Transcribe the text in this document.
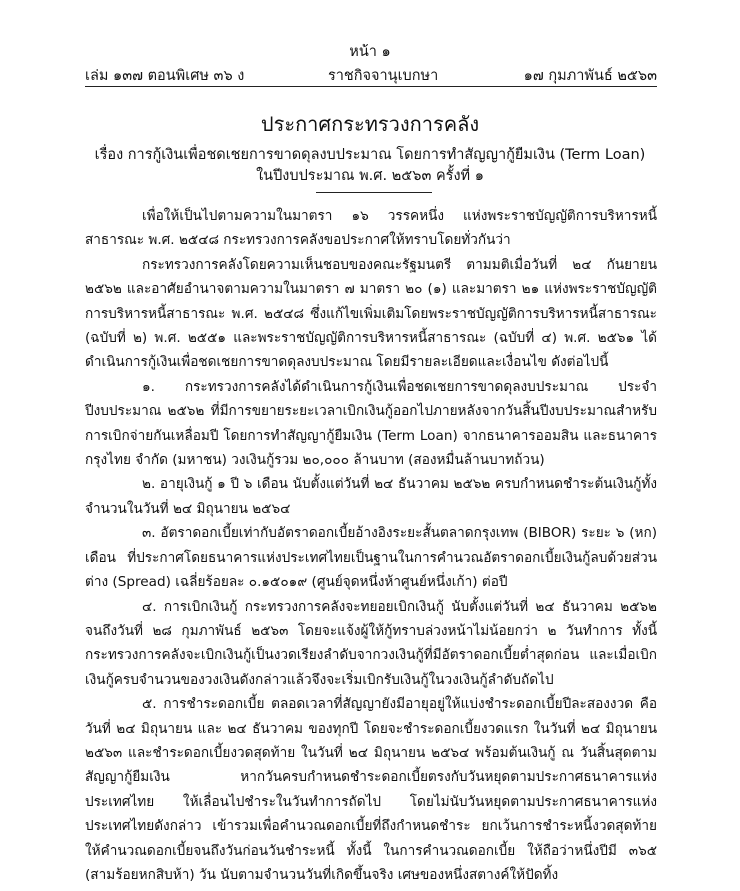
หน้า ๑
เล่ม ๑๓๗ ตอนพิเศษ ๓๖ ง	ราชกิจจานุเบกษา	๑๗ กุมภาพันธ์ ๒๕๖๓
ประกาศกระทรวงการคลัง
เรื่อง การกู้เงินเพื่อชดเชยการขาดดุลงบประมาณ โดยการทำสัญญากู้ยืมเงิน (Term Loan)
ในปีงบประมาณ พ.ศ. ๒๕๖๓ ครั้งที่ ๑

เพื่อให้เป็นไปตามความในมาตรา ๑๖ วรรคหนึ่ง แห่งพระราชบัญญัติการบริหารหนี้สาธารณะ พ.ศ. ๒๕๔๘ กระทรวงการคลังขอประกาศให้ทราบโดยทั่วกันว่า

กระทรวงการคลังโดยความเห็นชอบของคณะรัฐมนตรี ตามมติเมื่อวันที่ ๒๔ กันยายน ๒๕๖๒ และอาศัยอำนาจตามความในมาตรา ๗ มาตรา ๒๐ (๑) และมาตรา ๒๑ แห่งพระราชบัญญัติการบริหารหนี้สาธารณะ พ.ศ. ๒๕๔๘ ซึ่งแก้ไขเพิ่มเติมโดยพระราชบัญญัติการบริหารหนี้สาธารณะ (ฉบับที่ ๒) พ.ศ. ๒๕๕๑ และพระราชบัญญัติการบริหารหนี้สาธารณะ (ฉบับที่ ๔) พ.ศ. ๒๕๖๑ ได้ดำเนินการกู้เงินเพื่อชดเชยการขาดดุลงบประมาณ โดยมีรายละเอียดและเงื่อนไข ดังต่อไปนี้

๑. กระทรวงการคลังได้ดำเนินการกู้เงินเพื่อชดเชยการขาดดุลงบประมาณ ประจำปีงบประมาณ ๒๕๖๒ ที่มีการขยายระยะเวลาเบิกเงินกู้ออกไปภายหลังจากวันสิ้นปีงบประมาณสำหรับการเบิกจ่ายกันเหลื่อมปี โดยการทำสัญญากู้ยืมเงิน (Term Loan) จากธนาคารออมสิน และธนาคารกรุงไทย จำกัด (มหาชน) วงเงินกู้รวม ๒๐,๐๐๐ ล้านบาท (สองหมื่นล้านบาทถ้วน)

๒. อายุเงินกู้ ๑ ปี ๖ เดือน นับตั้งแต่วันที่ ๒๔ ธันวาคม ๒๕๖๒ ครบกำหนดชำระต้นเงินกู้ทั้งจำนวนในวันที่ ๒๔ มิถุนายน ๒๕๖๔

๓. อัตราดอกเบี้ยเท่ากับอัตราดอกเบี้ยอ้างอิงระยะสั้นตลาดกรุงเทพ (BIBOR) ระยะ ๖ (หก) เดือน ที่ประกาศโดยธนาคารแห่งประเทศไทยเป็นฐานในการคำนวณอัตราดอกเบี้ยเงินกู้ลบด้วยส่วนต่าง (Spread) เฉลี่ยร้อยละ ๐.๑๕๐๑๙ (ศูนย์จุดหนึ่งห้าศูนย์หนึ่งเก้า) ต่อปี

๔. การเบิกเงินกู้ กระทรวงการคลังจะทยอยเบิกเงินกู้ นับตั้งแต่วันที่ ๒๔ ธันวาคม ๒๕๖๒ จนถึงวันที่ ๒๘ กุมภาพันธ์ ๒๕๖๓ โดยจะแจ้งผู้ให้กู้ทราบล่วงหน้าไม่น้อยกว่า ๒ วันทำการ ทั้งนี้ กระทรวงการคลังจะเบิกเงินกู้เป็นงวดเรียงลำดับจากวงเงินกู้ที่มีอัตราดอกเบี้ยต่ำสุดก่อน และเมื่อเบิกเงินกู้ครบจำนวนของวงเงินดังกล่าวแล้วจึงจะเริ่มเบิกรับเงินกู้ในวงเงินกู้ลำดับถัดไป

๕. การชำระดอกเบี้ย ตลอดเวลาที่สัญญายังมีอายุอยู่ให้แบ่งชำระดอกเบี้ยปีละสองงวด คือ วันที่ ๒๔ มิถุนายน และ ๒๔ ธันวาคม ของทุกปี โดยจะชำระดอกเบี้ยงวดแรก ในวันที่ ๒๔ มิถุนายน ๒๕๖๓ และชำระดอกเบี้ยงวดสุดท้าย ในวันที่ ๒๔ มิถุนายน ๒๕๖๔ พร้อมต้นเงินกู้ ณ วันสิ้นสุดตามสัญญากู้ยืมเงิน หากวันครบกำหนดชำระดอกเบี้ยตรงกับวันหยุดตามประกาศธนาคารแห่งประเทศไทย ให้เลื่อนไปชำระในวันทำการถัดไป โดยไม่นับวันหยุดตามประกาศธนาคารแห่งประเทศไทยดังกล่าว เข้ารวมเพื่อคำนวณดอกเบี้ยที่ถึงกำหนดชำระ ยกเว้นการชำระหนี้งวดสุดท้ายให้คำนวณดอกเบี้ยจนถึงวันก่อนวันชำระหนี้ ทั้งนี้ ในการคำนวณดอกเบี้ย ให้ถือว่าหนึ่งปีมี ๓๖๕ (สามร้อยหกสิบห้า) วัน นับตามจำนวนวันที่เกิดขึ้นจริง เศษของหนึ่งสตางค์ให้ปัดทิ้ง
